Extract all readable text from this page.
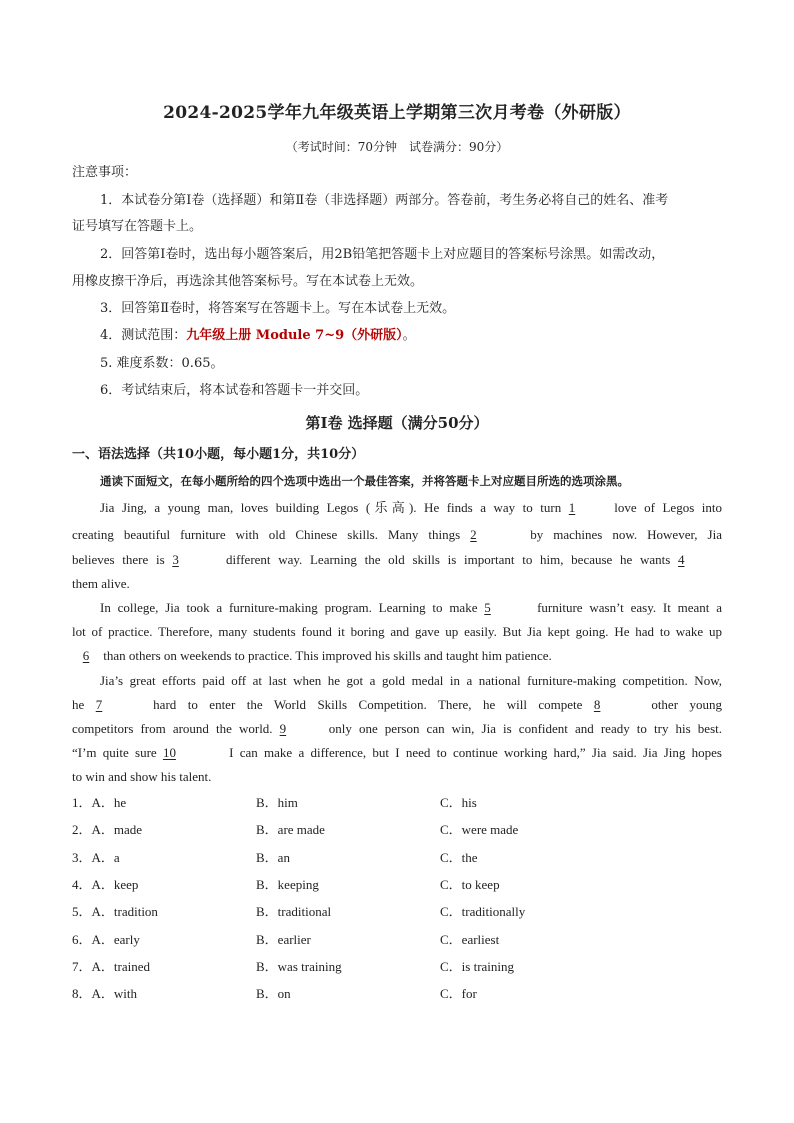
2024-2025学年九年级英语上学期第三次月考卷（外研版）
（考试时间：70分钟　试卷满分：90分）
注意事项：
1．本试卷分第Ⅰ卷（选择题）和第Ⅱ卷（非选择题）两部分。答卷前，考生务必将自己的姓名、准考
证号填写在答题卡上。
2．回答第Ⅰ卷时，选出每小题答案后，用2B铅笔把答题卡上对应题目的答案标号涂黑。如需改动，
用橡皮擦干净后，再选涂其他答案标号。写在本试卷上无效。
3．回答第Ⅱ卷时，将答案写在答题卡上。写在本试卷上无效。
4．测试范围：九年级上册 Module 7~9（外研版）。
5. 难度系数：0.65。
6．考试结束后，将本试卷和答题卡一并交回。
第Ⅰ卷 选择题（满分50分）
一、语法选择（共10小题，每小题1分，共10分）
通读下面短文，在每小题所给的四个选项中选出一个最佳答案，并将答题卡上对应题目所选的选项涂黑。
Jia Jing, a young man, loves building Legos (乐高). He finds a way to turn 1 love of Legos into
creating beautiful furniture with old Chinese skills. Many things 2	by machines now. However, Jia
believes there is 3	different way. Learning the old skills is important to him, because he wants 4
them alive.
In college, Jia took a furniture-making program. Learning to make 5	furniture wasn’t easy. It meant a
lot of practice. Therefore, many students found it boring and gave up easily. But Jia kept going. He had to wake up
6 than others on weekends to practice. This improved his skills and taught him patience.
Jia’s great efforts paid off at last when he got a gold medal in a national furniture-making competition. Now,
he 7	hard to enter the World Skills Competition. There, he will compete 8	other young
competitors from around the world. 9	only one person can win, Jia is confident and ready to try his best.
“I’m quite sure 10	I can make a difference, but I need to continue working hard,” Jia said. Jia Jing hopes
to win and show his talent.
1．A．he	B．him	C．his
2．A．made	B．are made	C．were made
3．A．a	B．an	C．the
4．A．keep	B．keeping	C．to keep
5．A．tradition	B．traditional	C．traditionally
6．A．early	B．earlier	C．earliest
7．A．trained	B．was training	C．is training
8．A．with	B．on	C．for
